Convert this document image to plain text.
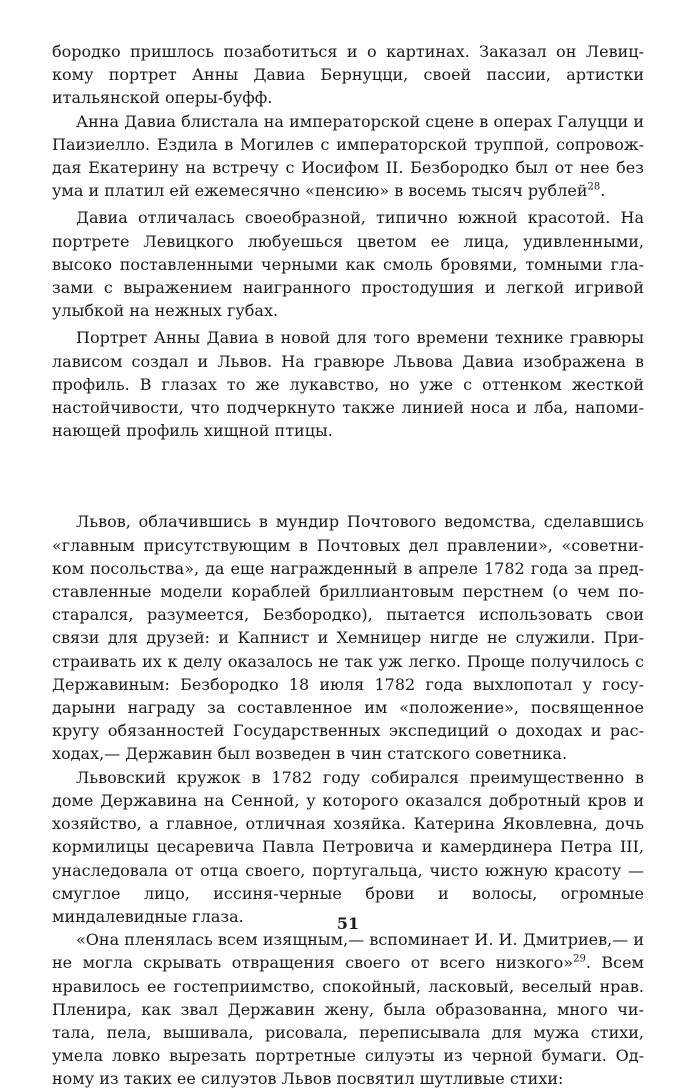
бородко пришлось позаботиться и о картинах. Заказал он Левицкому портрет Анны Давиа Бернуцци, своей пассии, артистки итальянской оперы-буфф.

Анна Давиа блистала на императорской сцене в операх Галуцци и Паизиелло. Ездила в Могилев с императорской труппой, сопровождая Екатерину на встречу с Иосифом II. Безбородко был от нее без ума и платил ей ежемесячно «пенсию» в восемь тысяч рублей$^{28}$.

Давиа отличалась своеобразной, типично южной красотой. На портрете Левицкого любуешься цветом ее лица, удивленными, высоко поставленными черными как смоль бровями, томными глазами с выражением наигранного простодушия и легкой игривой улыбкой на нежных губах.

Портрет Анны Давиа в новой для того времени технике гравюры лависом создал и Львов. На гравюре Львова Давиа изображена в профиль. В глазах то же лукавство, но уже с оттенком жесткой настойчивости, что подчеркнуто также линией носа и лба, напоминающей профиль хищной птицы.

Львов, облачившись в мундир Почтового ведомства, сделавшись «главным присутствующим в Почтовых дел правлении», «советником посольства», да еще награжденный в апреле 1782 года за представленные модели кораблей бриллиантовым перстнем (о чем постарался, разумеется, Безбородко), пытается использовать свои связи для друзей: и Капнист и Хемницер нигде не служили. Пристраивать их к делу оказалось не так уж легко. Проще получилось с Державиным: Безбородко 18 июля 1782 года выхлопотал у государыни награду за составленное им «положение», посвященное кругу обязанностей Государственных экспедиций о доходах и расходах,— Державин был возведен в чин статского советника.

Львовский кружок в 1782 году собирался преимущественно в доме Державина на Сенной, у которого оказался добротный кров и хозяйство, а главное, отличная хозяйка. Катерина Яковлевна, дочь кормилицы цесаревича Павла Петровича и камердинера Петра III, унаследовала от отца своего, португальца, чисто южную красоту — смуглое лицо, иссиня-черные брови и волосы, огромные миндалевидные глаза.

«Она пленялась всем изящным,— вспоминает И. И. Дмитриев,— и не могла скрывать отвращения своего от всего низкого»$^{29}$. Всем нравилось ее гостеприимство, спокойный, ласковый, веселый нрав. Пленира, как звал Державин жену, была образованна, много читала, пела, вышивала, рисовала, переписывала для мужа стихи, умела ловко вырезать портретные силуэты из черной бумаги. Одному из таких ее силуэтов Львов посвятил шутливые стихи:

51
